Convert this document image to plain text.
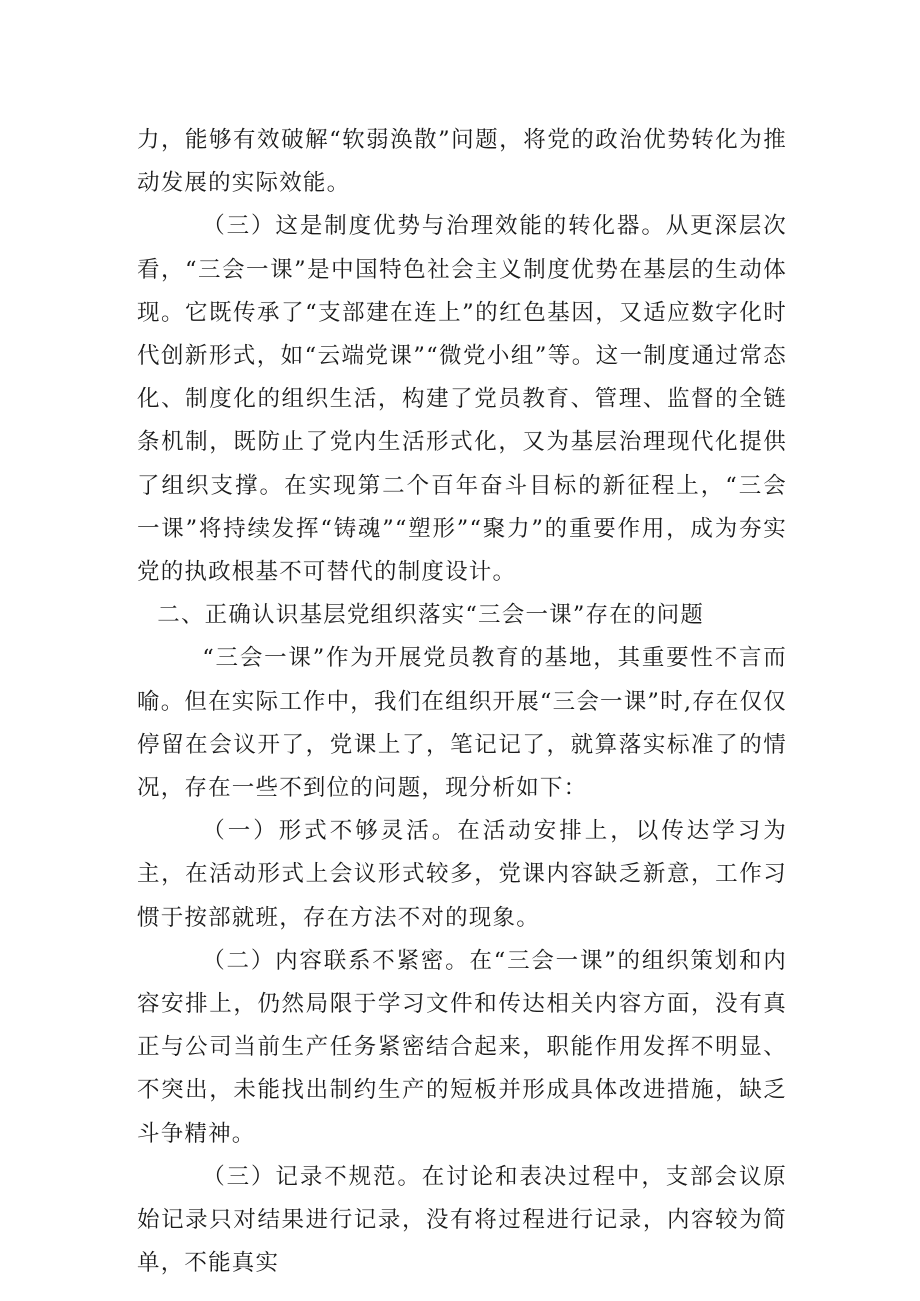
力，能够有效破解“软弱涣散”问题，将党的政治优势转化为推动发展的实际效能。

（三）这是制度优势与治理效能的转化器。从更深层次看，“三会一课”是中国特色社会主义制度优势在基层的生动体现。它既传承了“支部建在连上”的红色基因，又适应数字化时代创新形式，如“云端党课”“微党小组”等。这一制度通过常态化、制度化的组织生活，构建了党员教育、管理、监督的全链条机制，既防止了党内生活形式化，又为基层治理现代化提供了组织支撑。在实现第二个百年奋斗目标的新征程上，“三会一课”将持续发挥“铸魂”“塑形”“聚力”的重要作用，成为夯实党的执政根基不可替代的制度设计。

二、正确认识基层党组织落实“三会一课”存在的问题

“三会一课”作为开展党员教育的基地，其重要性不言而喻。但在实际工作中，我们在组织开展“三会一课”时,存在仅仅停留在会议开了，党课上了，笔记记了，就算落实标准了的情况，存在一些不到位的问题，现分析如下：

（一）形式不够灵活。在活动安排上，以传达学习为主，在活动形式上会议形式较多，党课内容缺乏新意，工作习惯于按部就班，存在方法不对的现象。

（二）内容联系不紧密。在“三会一课”的组织策划和内容安排上，仍然局限于学习文件和传达相关内容方面，没有真正与公司当前生产任务紧密结合起来，职能作用发挥不明显、不突出，未能找出制约生产的短板并形成具体改进措施，缺乏斗争精神。

（三）记录不规范。在讨论和表决过程中，支部会议原始记录只对结果进行记录，没有将过程进行记录，内容较为简单，不能真实
